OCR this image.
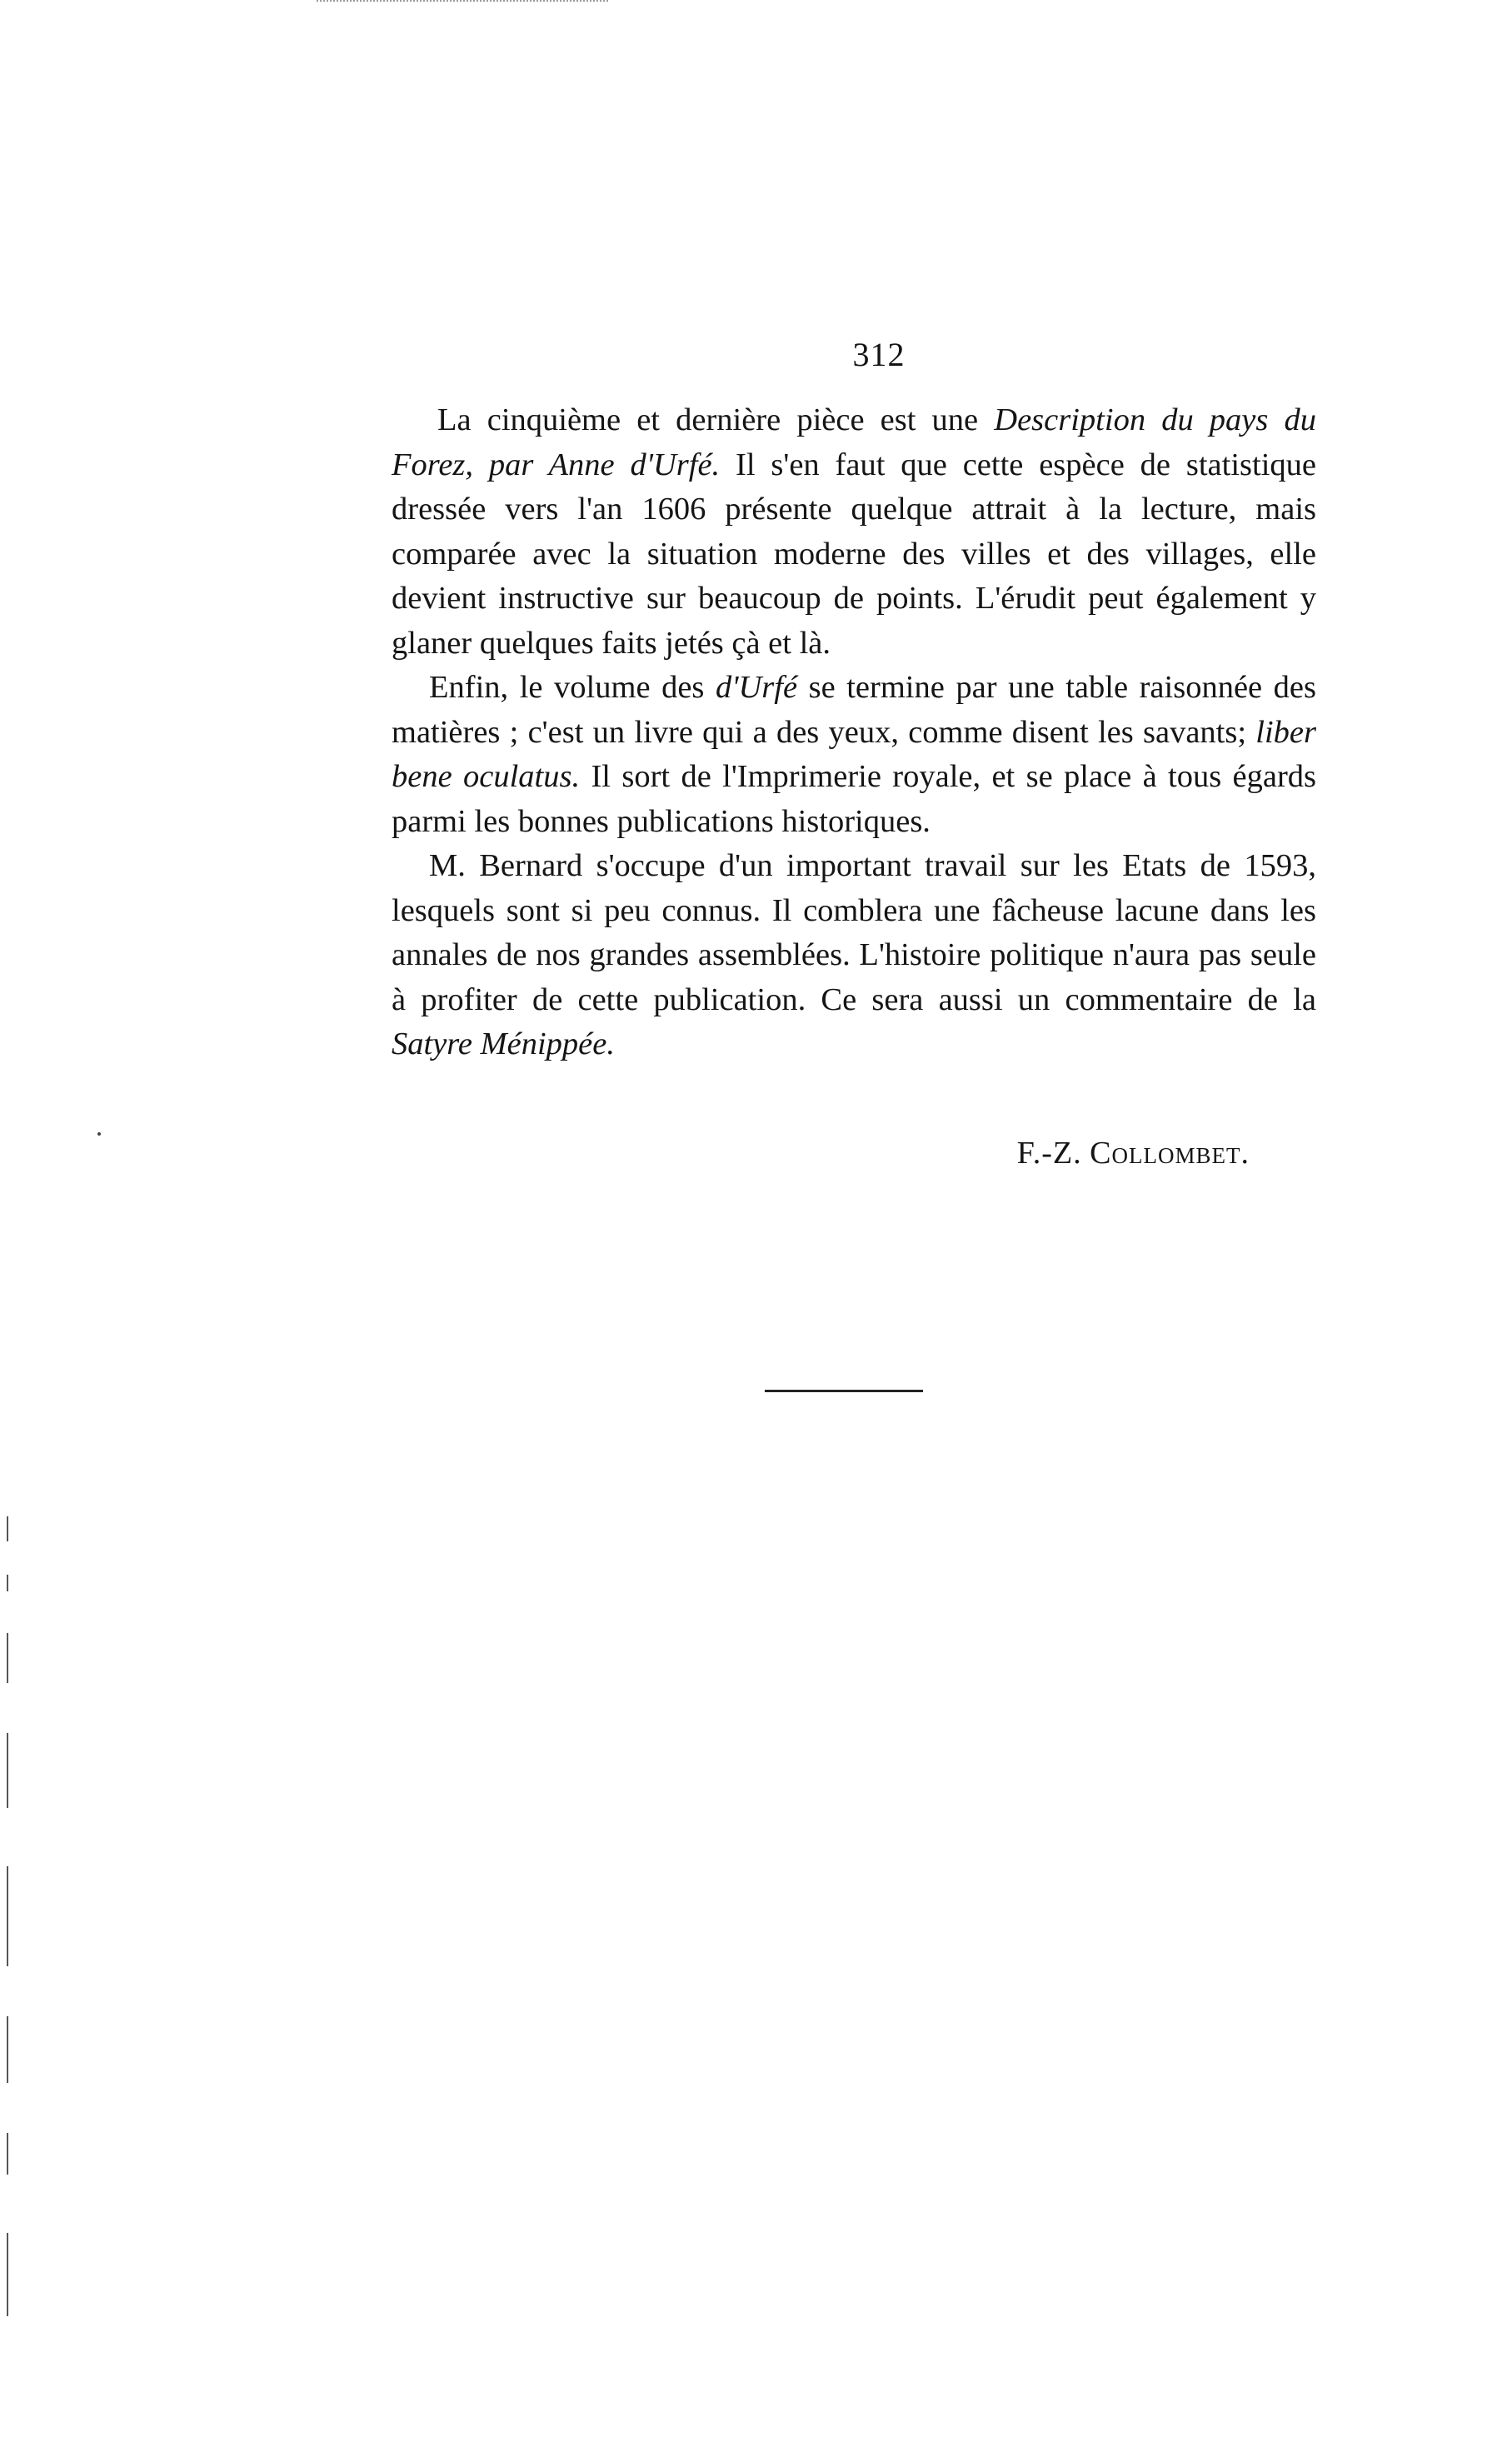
312

La cinquième et dernière pièce est une Description du pays du Forez, par Anne d'Urfé. Il s'en faut que cette espèce de statistique dressée vers l'an 1606 présente quelque attrait à la lecture, mais comparée avec la situation moderne des villes et des villages, elle devient instructive sur beaucoup de points. L'érudit peut également y glaner quelques faits jetés çà et là.

Enfin, le volume des d'Urfé se termine par une table raisonnée des matières ; c'est un livre qui a des yeux, comme disent les savants; liber bene oculatus. Il sort de l'Imprimerie royale, et se place à tous égards parmi les bonnes publications historiques.

M. Bernard s'occupe d'un important travail sur les Etats de 1593, lesquels sont si peu connus. Il comblera une fâcheuse lacune dans les annales de nos grandes assemblées. L'histoire politique n'aura pas seule à profiter de cette publication. Ce sera aussi un commentaire de la Satyre Ménippée.

F.-Z. Collombet.
